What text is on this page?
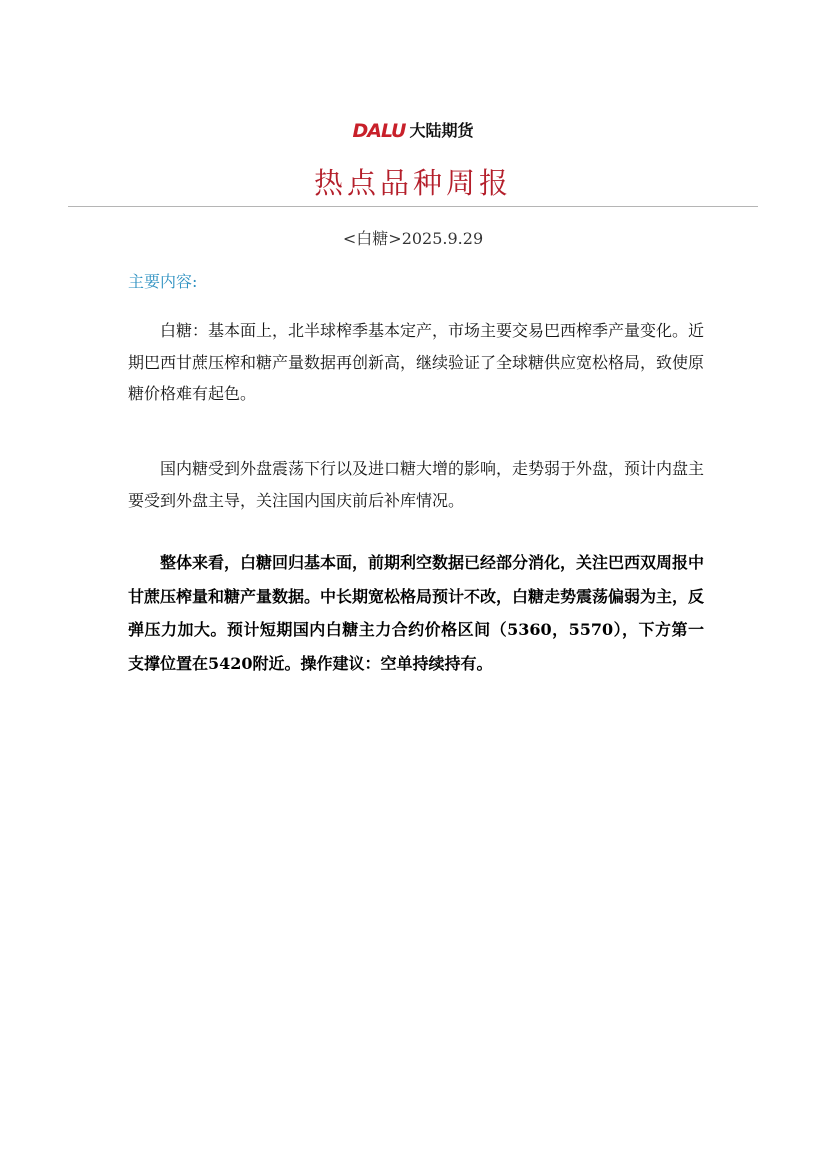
DALU 大陆期货
热点品种周报
<白糖>2025.9.29
主要内容:

白糖：基本面上，北半球榨季基本定产，市场主要交易巴西榨季产量变化。近期巴西甘蔗压榨和糖产量数据再创新高，继续验证了全球糖供应宽松格局，致使原糖价格难有起色。

国内糖受到外盘震荡下行以及进口糖大增的影响，走势弱于外盘，预计内盘主要受到外盘主导，关注国内国庆前后补库情况。

整体来看，白糖回归基本面，前期利空数据已经部分消化，关注巴西双周报中甘蔗压榨量和糖产量数据。中长期宽松格局预计不改，白糖走势震荡偏弱为主，反弹压力加大。预计短期国内白糖主力合约价格区间（5360，5570），下方第一支撑位置在5420附近。操作建议：空单持续持有。
